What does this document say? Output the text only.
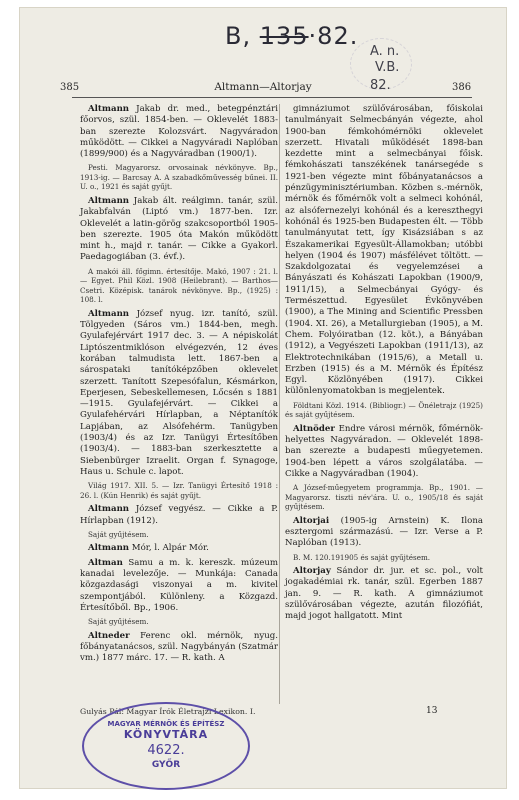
B, 135·82.
A. n.
V.B.
82.
385	Altmann—Altorjay	386

Altmann Jakab dr. med., betegpénztári főorvos, szül. 1854-ben. — Oklevelét 1883-ban szerezte Kolozsvárt. Nagyváradon működött. — Cikkei a Nagyváradi Naplóban (1899/900) és a Nagyváradban (1900/1).

Pesti. Magyarorsz. orvosainak névkönyve. Bp., 1913-ig. — Barcsay A. A szabadkőművesség bűnei. II. U. o., 1921 és saját gyűjt.

Altmann Jakab ált. reálgimn. tanár, szül. Jakabfalván (Liptó vm.) 1877-ben. Izr. Oklevelét a latin-görög szakcsoportból 1905-ben szerezte. 1905 óta Makón működött mint h., majd r. tanár. — Cikke a Gyakorl. Paedagogiában (3. évf.).

A makói áll. főgimn. értesítője. Makó, 1907 : 21. l. — Egyet. Phil Közl. 1908 (Heilebrant). — Barthos—Csetri. Középisk. tanárok névkönyve. Bp., (1925) : 108. l.

Altmann József nyug. izr. tanító, szül. Tölgyeden (Sáros vm.) 1844-ben, megh. Gyulafejérvárt 1917 dec. 3. — A népiskolát Liptószentmiklóson elvégezvén, 12 éves korában talmudista lett. 1867-ben a sárospataki tanítóképzőben oklevelet szerzett. Tanított Szepesófalun, Késmárkon, Eperjesen, Sebeskellemesen, Lőcsén s 1881—1915. Gyulafejérvárt. — Cikkei a Gyulafehérvári Hírlapban, a Néptanítók Lapjában, az Alsófehérm. Tanügyben (1903/4) és az Izr. Tanügyi Értesítőben (1903/4). — 1883-ban szerkesztette a Siebenbürger Izraelit. Organ f. Synagoge, Haus u. Schule c. lapot.

Világ 1917. XII. 5. — Izr. Tanügyi Értesítő 1918 : 26. l. (Kún Henrik) és saját gyűjt.

Altmann József vegyész. — Cikke a P. Hírlapban (1912).

Saját gyűjtésem.

Altmann Mór, l. Alpár Mór.

Altman Samu a m. k. kereszk. múzeum kanadai levelezője. — Munkája: Canada közgazdasági viszonyai a m. kivitel szempontjából. Különleny. a Közgazd. Értesítőből. Bp., 1906.

Saját gyűjtésem.

Altneder Ferenc okl. mérnök, nyug. főbányatanácsos, szül. Nagybányán (Szatmár vm.) 1877 márc. 17. — R. kath. A

gimnáziumot szülővárosában, főiskolai tanulmányait Selmecbányán végezte, ahol 1900-ban fémkohómérnöki oklevelet szerzett. Hivatali működését 1898-ban kezdette mint a selmecbányai főisk. fémkohászati tanszékének tanársegéde s 1921-ben végezte mint főbányatanácsos a pénzügyminisztériumban. Közben s.-mérnök, mérnök és főmérnök volt a selmeci kohónál, az alsófernezelyi kohónál és a kereszthegyi kohónál és 1925-ben Budapesten élt. — Több tanulmányutat tett, így Kisázsiában s az Északamerikai Egyesült-Államokban; utóbbi helyen (1904 és 1907) másfélévet töltött. — Szakdolgozatai és vegyelemzései a Bányászati és Kohászati Lapokban (1900/9, 1911/15), a Selmecbányai Gyógy- és Természettud. Egyesület Évkönyvében (1900), a The Mining and Scientific Pressben (1904. XI. 26), a Metallurgieban (1905), a M. Chem. Folyóiratban (12. köt.), a Bányában (1912), a Vegyészeti Lapokban (1911/13), az Elektrotechnikában (1915/6), a Metall u. Erzben (1915) és a M. Mérnök és Építész Egyl. Közlönyében (1917). Cikkei különlenyomatokban is megjelentek.

Földtani Közl. 1914. (Bibliogr.) — Önéletrajz (1925) és saját gyűjtésem.

Altnöder Endre városi mérnök, főmérnök-helyettes Nagyváradon. — Oklevelét 1898-ban szerezte a budapesti műegyetemen. 1904-ben lépett a város szolgálatába. — Cikke a Nagyváradban (1904).

A József-műegyetem programmja. Bp., 1901. — Magyarorsz. tiszti név'ára. U. o., 1905/18 és saját gyűjtésem.

Altorjai (1905-ig Arnstein) K. Ilona esztergomi származású. — Izr. Verse a P. Naplóban (1913).

B. M. 120.191905 és saját gyűjtésem.

Altorjay Sándor dr. jur. et sc. pol., volt jogakadémiai rk. tanár, szül. Egerben 1887 jan. 9. — R. kath. A gimnáziumot szülővárosában végezte, azután filozófiát, majd jogot hallgatott. Mint

Gulyás Pál: Magyar Írók Életrajzi Lexikon. I.	13
MAGYAR MÉRNÖK ÉS ÉPÍTÉSZ
KÖNYVTÁRA
4622.
GYŐR
